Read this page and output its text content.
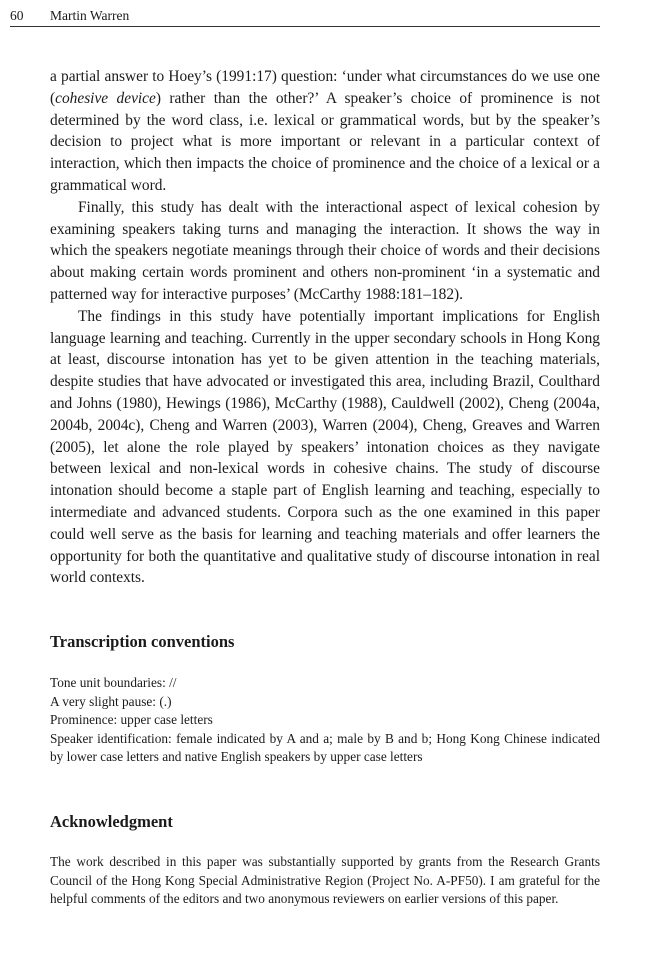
60 Martin Warren

a partial answer to Hoey’s (1991:17) question: ‘under what circumstances do we use one (cohesive device) rather than the other?’ A speaker’s choice of prominence is not determined by the word class, i.e. lexical or grammatical words, but by the speaker’s decision to project what is more important or relevant in a particular context of interaction, which then impacts the choice of prominence and the choice of a lexical or a grammatical word.

Finally, this study has dealt with the interactional aspect of lexical cohesion by examining speakers taking turns and managing the interaction. It shows the way in which the speakers negotiate meanings through their choice of words and their decisions about making certain words prominent and others non-prominent ‘in a systematic and patterned way for interactive purposes’ (McCarthy 1988:181–182).

The findings in this study have potentially important implications for English language learning and teaching. Currently in the upper secondary schools in Hong Kong at least, discourse intonation has yet to be given attention in the teaching materials, despite studies that have advocated or investigated this area, including Brazil, Coulthard and Johns (1980), Hewings (1986), McCarthy (1988), Cauldwell (2002), Cheng (2004a, 2004b, 2004c), Cheng and Warren (2003), Warren (2004), Cheng, Greaves and Warren (2005), let alone the role played by speakers’ intonation choices as they navigate between lexical and non-lexical words in cohesive chains. The study of discourse intonation should become a staple part of English learning and teaching, especially to intermediate and advanced students. Corpora such as the one examined in this paper could well serve as the basis for learning and teaching materials and offer learners the opportunity for both the quantitative and qualitative study of discourse intonation in real world contexts.

Transcription conventions
Tone unit boundaries: //
A very slight pause: (.)
Prominence: upper case letters
Speaker identification: female indicated by A and a; male by B and b; Hong Kong Chinese indicated by lower case letters and native English speakers by upper case letters
Acknowledgment

The work described in this paper was substantially supported by grants from the Research Grants Council of the Hong Kong Special Administrative Region (Project No. A-PF50). I am grateful for the helpful comments of the editors and two anonymous reviewers on earlier versions of this paper.
